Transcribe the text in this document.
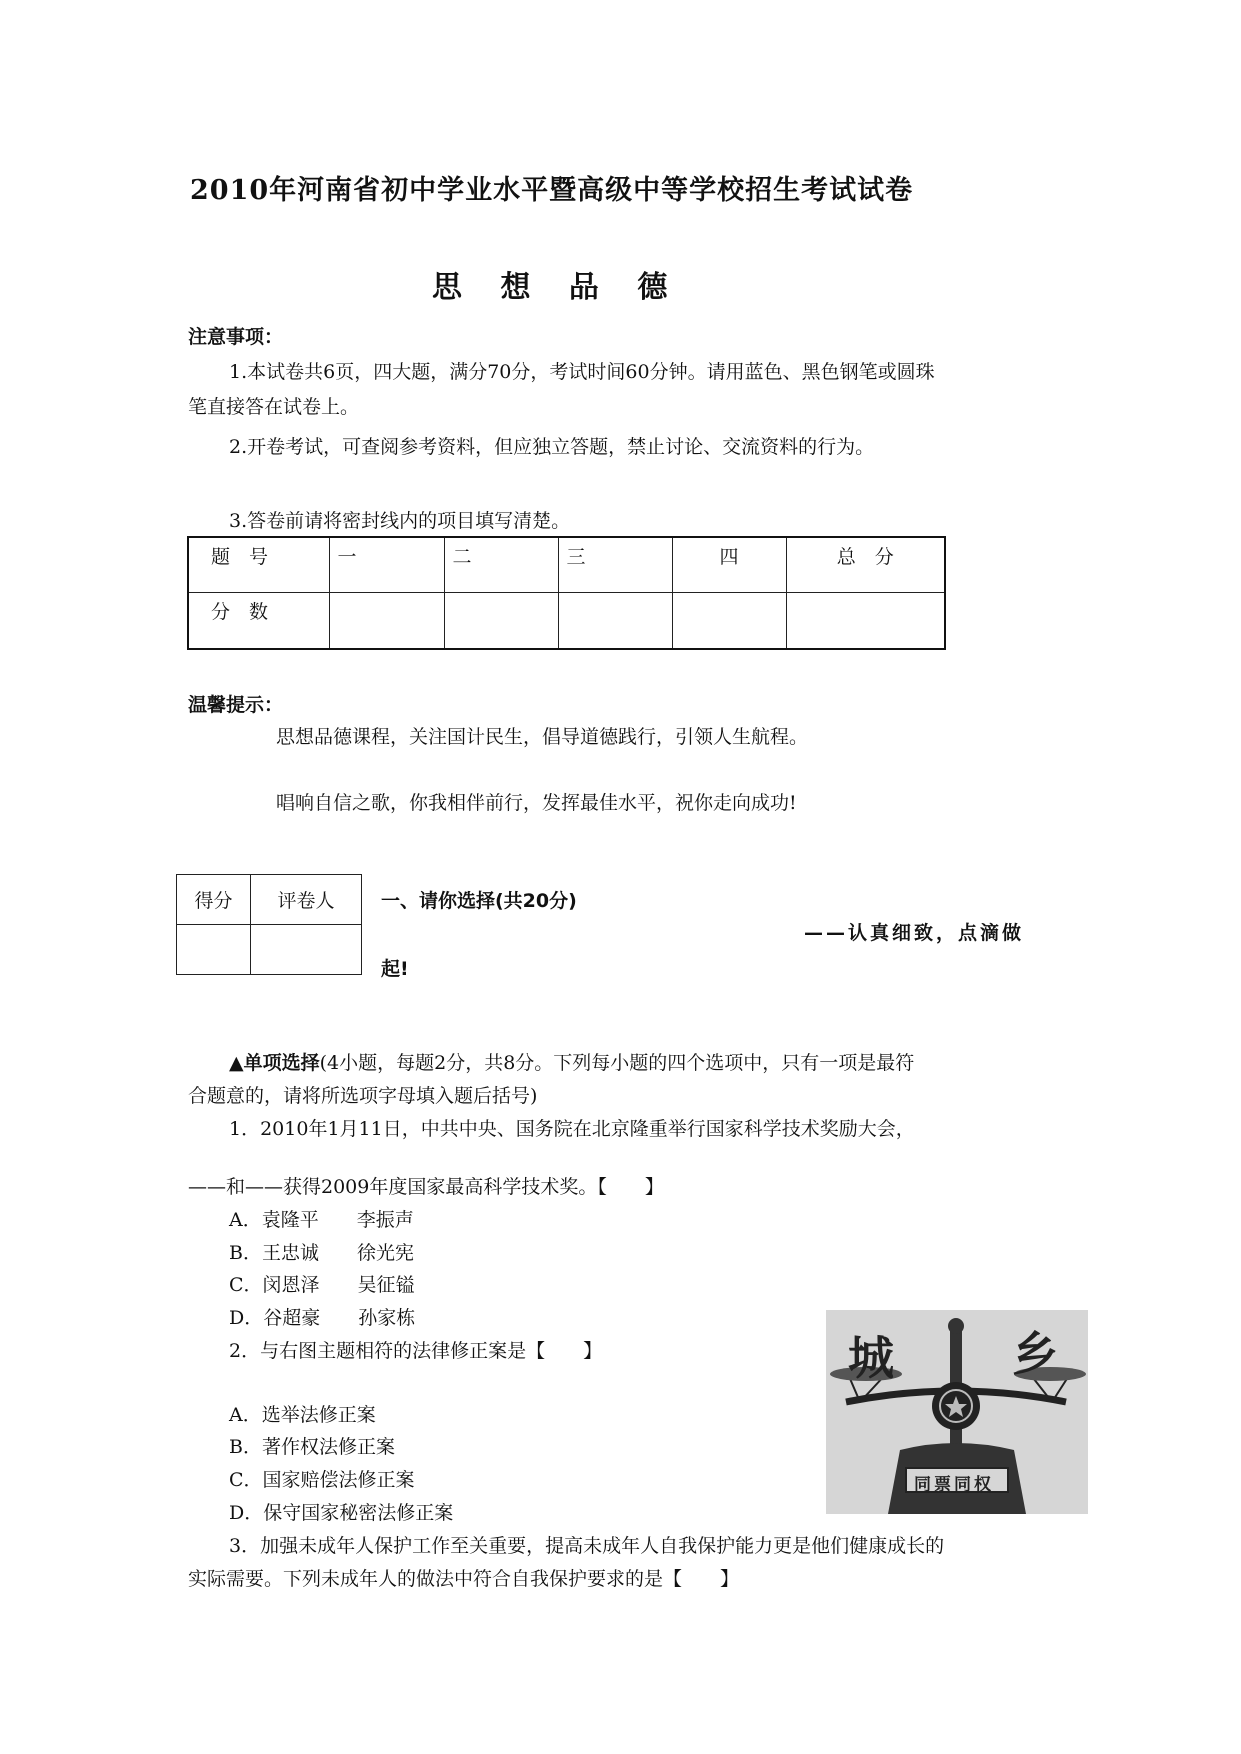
2010年河南省初中学业水平暨高级中等学校招生考试试卷
思 想 品 德
注意事项：
1.本试卷共6页，四大题，满分70分，考试时间60分钟。请用蓝色、黑色钢笔或圆珠
笔直接答在试卷上。
2.开卷考试，可查阅参考资料，但应独立答题，禁止讨论、交流资料的行为。
3.答卷前请将密封线内的项目填写清楚。
题　号	一	二	三	四	总　分
分　数					
温馨提示：
思想品德课程，关注国计民生，倡导道德践行，引领人生航程。
唱响自信之歌，你我相伴前行，发挥最佳水平，祝你走向成功!
得分	评卷人
	一、请你选择(共20分)
——认真细致，点滴做
起!
▲单项选择(4小题，每题2分，共8分。下列每小题的四个选项中，只有一项是最符
合题意的，请将所选项字母填入题后括号)
1．2010年1月11日，中共中央、国务院在北京隆重举行国家科学技术奖励大会，
——和——获得2009年度国家最高科学技术奖。【　　】
A．袁隆平　　李振声
B．王忠诚　　徐光宪
C．闵恩泽　　吴征镒
D．谷超豪　　孙家栋
2．与右图主题相符的法律修正案是【　　】
A．选举法修正案
B．著作权法修正案
C．国家赔偿法修正案
D．保守国家秘密法修正案
3．加强未成年人保护工作至关重要，提高未成年人自我保护能力更是他们健康成长的
实际需要。下列未成年人的做法中符合自我保护要求的是【　　】
城	乡
同票同权
